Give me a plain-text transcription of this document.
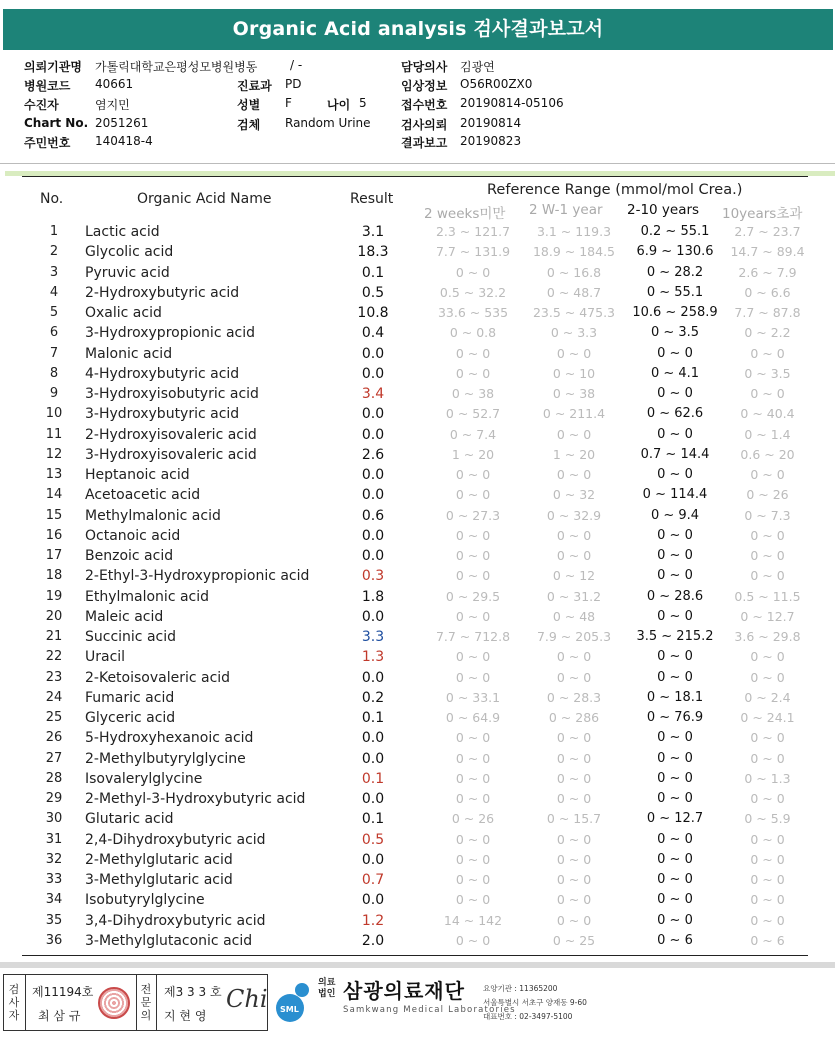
Organic Acid analysis 검사결과보고서
의뢰기관명 가톨릭대학교은평성모병원병동	/ -
병원코드 40661	진료과 PD
수진자	염지민	성별 F	나이 5
Chart No. 2051261	검체 Random Urine
주민번호 140418-4
담당의사 김광연
임상정보 O56R00ZX0
접수번호 20190814-05106
검사의뢰 20190814
결과보고 20190823
No.	Organic Acid Name	Result
Reference Range (mmol/mol Crea.)
2 weeks미만 2 W-1 year 2-10 years 10years초과
1	Lactic acid	3.1	2.3 ~ 121.7	3.1 ~ 119.3	0.2 ~ 55.1	2.7 ~ 23.7
2	Glycolic acid	18.3	7.7 ~ 131.9	18.9 ~ 184.5	6.9 ~ 130.6	14.7 ~ 89.4
3	Pyruvic acid	0.1	0 ~ 0	0 ~ 16.8	0 ~ 28.2	2.6 ~ 7.9
4	2-Hydroxybutyric acid	0.5	0.5 ~ 32.2	0 ~ 48.7	0 ~ 55.1	0 ~ 6.6
5	Oxalic acid	10.8	33.6 ~ 535	23.5 ~ 475.3	10.6 ~ 258.9	7.7 ~ 87.8
6	3-Hydroxypropionic acid	0.4	0 ~ 0.8	0 ~ 3.3	0 ~ 3.5	0 ~ 2.2
7	Malonic acid	0.0	0 ~ 0	0 ~ 0	0 ~ 0	0 ~ 0
8	4-Hydroxybutyric acid	0.0	0 ~ 0	0 ~ 10	0 ~ 4.1	0 ~ 3.5
9	3-Hydroxyisobutyric acid	3.4	0 ~ 38	0 ~ 38	0 ~ 0	0 ~ 0
10	3-Hydroxybutyric acid	0.0	0 ~ 52.7	0 ~ 211.4	0 ~ 62.6	0 ~ 40.4
11	2-Hydroxyisovaleric acid	0.0	0 ~ 7.4	0 ~ 0	0 ~ 0	0 ~ 1.4
12	3-Hydroxyisovaleric acid	2.6	1 ~ 20	1 ~ 20	0.7 ~ 14.4	0.6 ~ 20
13	Heptanoic acid	0.0	0 ~ 0	0 ~ 0	0 ~ 0	0 ~ 0
14	Acetoacetic acid	0.0	0 ~ 0	0 ~ 32	0 ~ 114.4	0 ~ 26
15	Methylmalonic acid	0.6	0 ~ 27.3	0 ~ 32.9	0 ~ 9.4	0 ~ 7.3
16	Octanoic acid	0.0	0 ~ 0	0 ~ 0	0 ~ 0	0 ~ 0
17	Benzoic acid	0.0	0 ~ 0	0 ~ 0	0 ~ 0	0 ~ 0
18	2-Ethyl-3-Hydroxypropionic acid	0.3	0 ~ 0	0 ~ 12	0 ~ 0	0 ~ 0
19	Ethylmalonic acid	1.8	0 ~ 29.5	0 ~ 31.2	0 ~ 28.6	0.5 ~ 11.5
20	Maleic acid	0.0	0 ~ 0	0 ~ 48	0 ~ 0	0 ~ 12.7
21	Succinic acid	3.3	7.7 ~ 712.8	7.9 ~ 205.3	3.5 ~ 215.2	3.6 ~ 29.8
22	Uracil	1.3	0 ~ 0	0 ~ 0	0 ~ 0	0 ~ 0
23	2-Ketoisovaleric acid	0.0	0 ~ 0	0 ~ 0	0 ~ 0	0 ~ 0
24	Fumaric acid	0.2	0 ~ 33.1	0 ~ 28.3	0 ~ 18.1	0 ~ 2.4
25	Glyceric acid	0.1	0 ~ 64.9	0 ~ 286	0 ~ 76.9	0 ~ 24.1
26	5-Hydroxyhexanoic acid	0.0	0 ~ 0	0 ~ 0	0 ~ 0	0 ~ 0
27	2-Methylbutyrylglycine	0.0	0 ~ 0	0 ~ 0	0 ~ 0	0 ~ 0
28	Isovalerylglycine	0.1	0 ~ 0	0 ~ 0	0 ~ 0	0 ~ 1.3
29	2-Methyl-3-Hydroxybutyric acid	0.0	0 ~ 0	0 ~ 0	0 ~ 0	0 ~ 0
30	Glutaric acid	0.1	0 ~ 26	0 ~ 15.7	0 ~ 12.7	0 ~ 5.9
31	2,4-Dihydroxybutyric acid	0.5	0 ~ 0	0 ~ 0	0 ~ 0	0 ~ 0
32	2-Methylglutaric acid	0.0	0 ~ 0	0 ~ 0	0 ~ 0	0 ~ 0
33	3-Methylglutaric acid	0.7	0 ~ 0	0 ~ 0	0 ~ 0	0 ~ 0
34	Isobutyrylglycine	0.0	0 ~ 0	0 ~ 0	0 ~ 0	0 ~ 0
35	3,4-Dihydroxybutyric acid	1.2	14 ~ 142	0 ~ 0	0 ~ 0	0 ~ 0
36	3-Methylglutaconic acid	2.0	0 ~ 0	0 ~ 25	0 ~ 6	0 ~ 6
검사자
제11194호
최 삼 규
전문의
제3 3 3 호
지 현 영
Chi SML
의료법인 삼광의료재단
Samkwang Medical Laboratories
요양기관 : 11365200
서울특별시 서초구 양재동 9-60
대표번호 : 02-3497-5100
